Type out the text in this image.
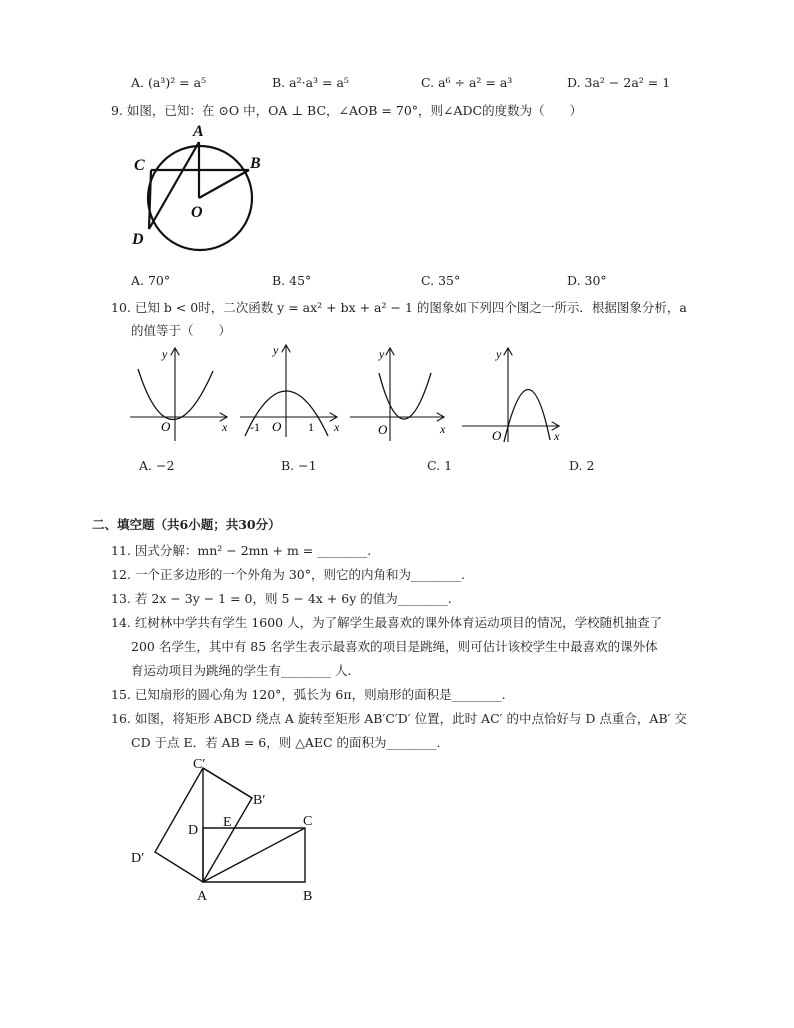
A. (a³)² = a⁵	B. a²·a³ = a⁵	C. a⁶ ÷ a² = a³	D. 3a² − 2a² = 1
9. 如图，已知：在 ⊙O 中，OA ⊥ BC，∠AOB = 70°，则∠ADC的度数为（　　）
A
C	B
O
D
A. 70°	B. 45°	C. 35°	D. 30°
10. 已知 b < 0时，二次函数 y = ax² + bx + a² − 1 的图象如下列四个图之一所示．根据图象分析，a
的值等于（　　）
y
x
O
y
x
O
-1	1
y
x
O
y
x
O
A. −2	B. −1	C. 1	D. 2
二、填空题（共6小题；共30分）
11. 因式分解：mn² − 2mn + m = ________.
12. 一个正多边形的一个外角为 30°，则它的内角和为________.
13. 若 2x − 3y − 1 = 0，则 5 − 4x + 6y 的值为________.
14. 红树林中学共有学生 1600 人，为了解学生最喜欢的课外体育运动项目的情况，学校随机抽查了
200 名学生，其中有 85 名学生表示最喜欢的项目是跳绳，则可估计该校学生中最喜欢的课外体
育运动项目为跳绳的学生有________ 人.
15. 已知扇形的圆心角为 120°，弧长为 6π，则扇形的面积是________.
16. 如图，将矩形 ABCD 绕点 A 旋转至矩形 AB′C′D′ 位置，此时 AC′ 的中点恰好与 D 点重合，AB′ 交
CD 于点 E．若 AB = 6，则 △AEC 的面积为________.
C′
B′
D
E	C
D′
A	B
